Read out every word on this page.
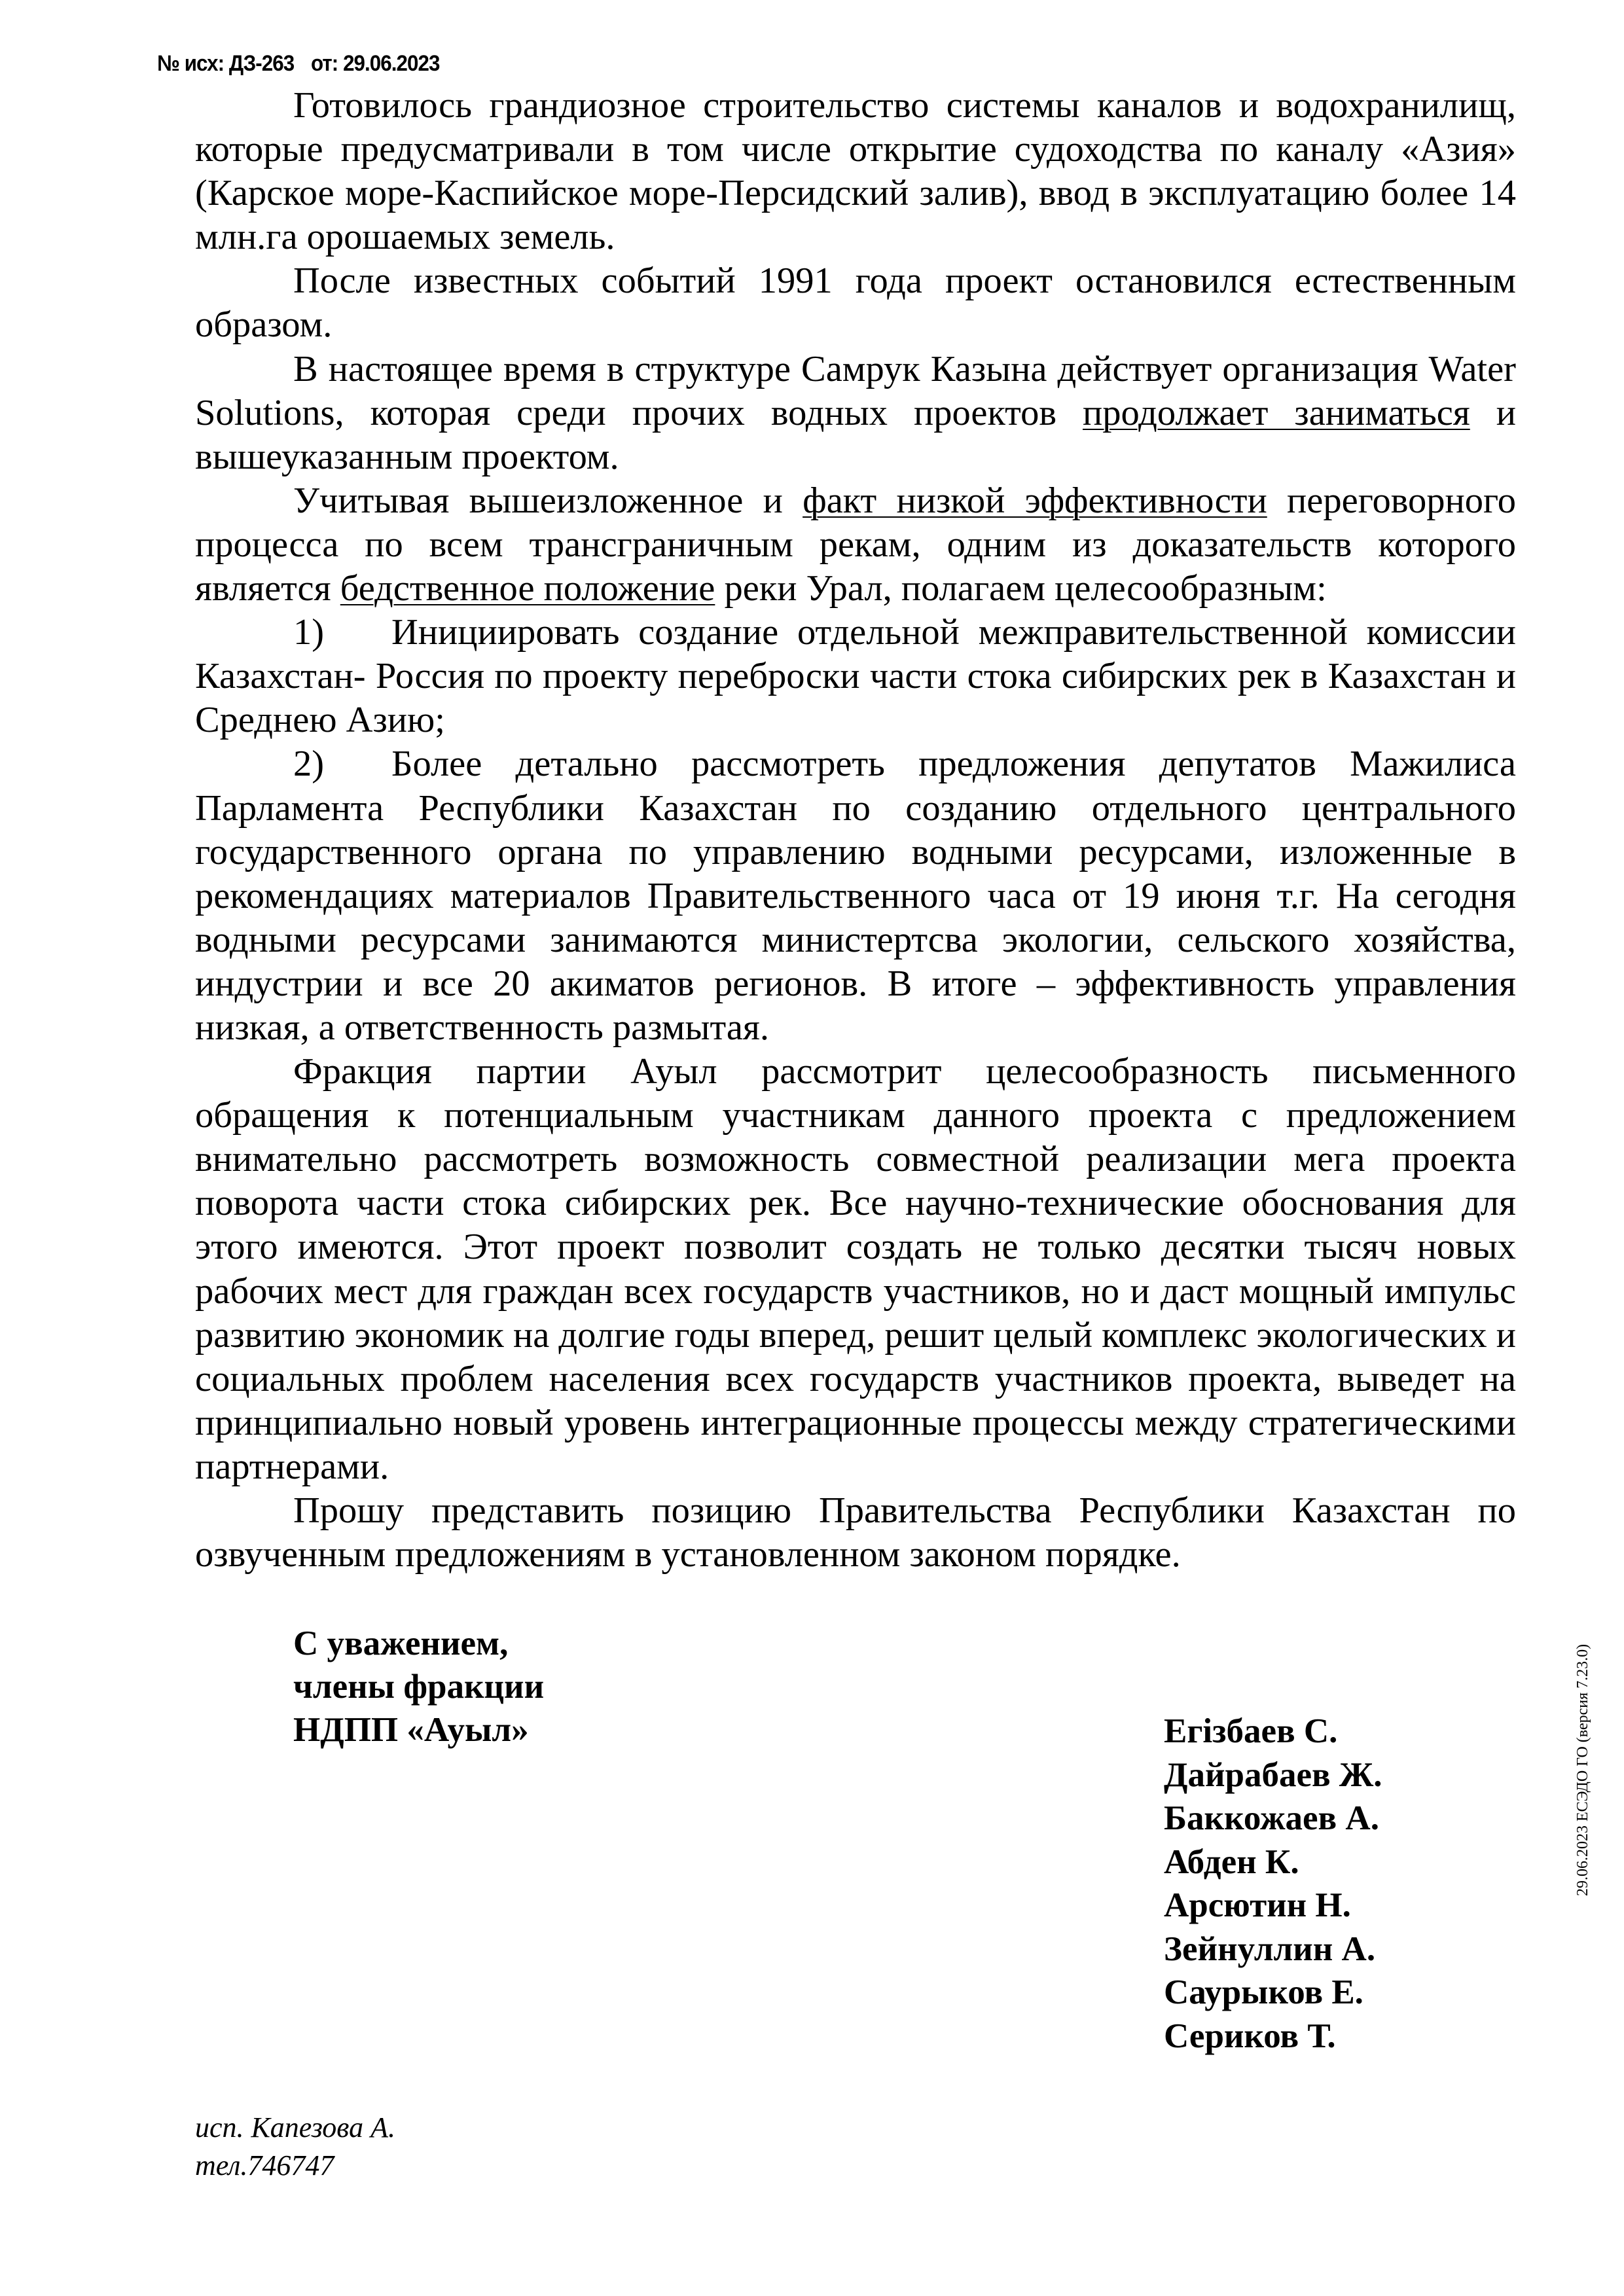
№ исх: ДЗ-263 от: 29.06.2023

Готовилось грандиозное строительство системы каналов и водохранилищ, которые предусматривали в том числе открытие судоходства по каналу «Азия» (Карское море-Каспийское море-Персидский залив), ввод в эксплуатацию более 14 млн.га орошаемых земель.

После известных событий 1991 года проект остановился естественным образом.

В настоящее время в структуре Самрук Казына действует организация Water Solutions, которая среди прочих водных проектов продолжает заниматься и вышеуказанным проектом.

Учитывая вышеизложенное и факт низкой эффективности переговорного процесса по всем трансграничным рекам, одним из доказательств которого является бедственное положение реки Урал, полагаем целесообразным:

1) Инициировать создание отдельной межправительственной комиссии Казахстан- Россия по проекту переброски части стока сибирских рек в Казахстан и Среднею Азию;

2) Более детально рассмотреть предложения депутатов Мажилиса Парламента Республики Казахстан по созданию отдельного центрального государственного органа по управлению водными ресурсами, изложенные в рекомендациях материалов Правительственного часа от 19 июня т.г. На сегодня водными ресурсами занимаются министертсва экологии, сельского хозяйства, индустрии и все 20 акиматов регионов. В итоге – эффективность управления низкая, а ответственность размытая.

Фракция партии Ауыл рассмотрит целесообразность письменного обращения к потенциальным участникам данного проекта с предложением внимательно рассмотреть возможность совместной реализации мега проекта поворота части стока сибирских рек. Все научно-технические обоснования для этого имеются. Этот проект позволит создать не только десятки тысяч новых рабочих мест для граждан всех государств участников, но и даст мощный импульс развитию экономик на долгие годы вперед, решит целый комплекс экологических и социальных проблем населения всех государств участников проекта, выведет на принципиально новый уровень интеграционные процессы между стратегическими партнерами.

Прошу представить позицию Правительства Республики Казахстан по озвученным предложениям в установленном законом порядке.

С уважением,
члены фракции
НДПП «Ауыл»	Егізбаев С.
Дайрабаев Ж.
Баккожаев А.
Абден К.
Арсютин Н.
Зейнуллин А.
Саурыков Е.
Сериков Т.
исп. Капезова А.
тел.746747
29.06.2023 ЕСЭДО ГО (версия 7.23.0)
